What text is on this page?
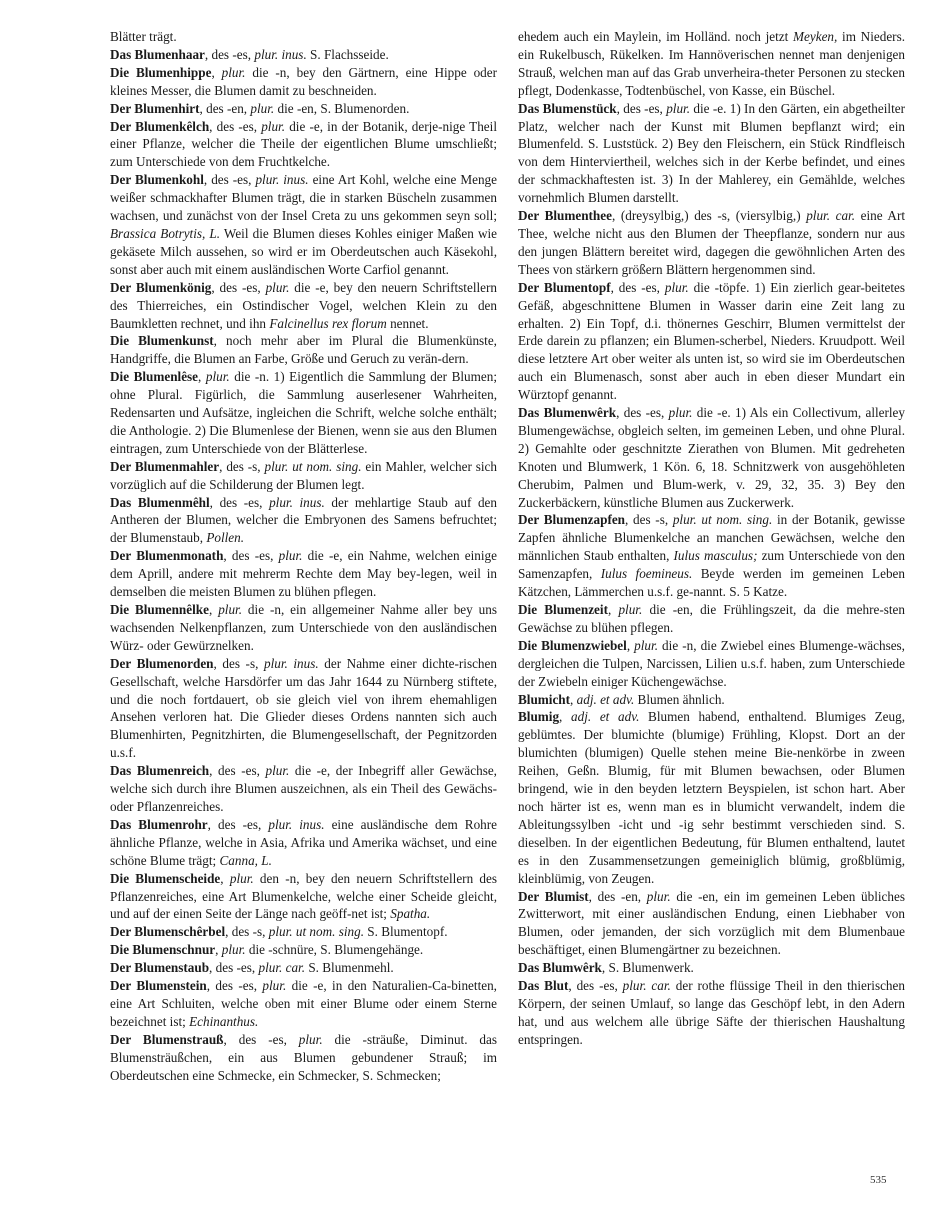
Blätter trägt.

Das Blumenhaar, des -es, plur. inus. S. Flachsseide.

Die Blumenhippe, plur. die -n, bey den Gärtnern, eine Hippe oder kleines Messer, die Blumen damit zu beschneiden.

Der Blumenhirt, des -en, plur. die -en, S. Blumenorden.

Der Blumenkêlch, des -es, plur. die -e, in der Botanik, derje-nige Theil einer Pflanze, welcher die Theile der eigentlichen Blume umschließt; zum Unterschiede von dem Fruchtkelche.

Der Blumenkohl, des -es, plur. inus. eine Art Kohl, welche eine Menge weißer schmackhafter Blumen trägt, die in starken Büscheln zusammen wachsen, und zunächst von der Insel Creta zu uns gekommen seyn soll; Brassica Botrytis, L. Weil die Blumen dieses Kohles einiger Maßen wie gekäsete Milch aussehen, so wird er im Oberdeutschen auch Käsekohl, sonst aber auch mit einem ausländischen Worte Carfiol genannt.

Der Blumenkönig, des -es, plur. die -e, bey den neuern Schriftstellern des Thierreiches, ein Ostindischer Vogel, welchen Klein zu den Baumkletten rechnet, und ihn Falcinellus rex florum nennet.

Die Blumenkunst, noch mehr aber im Plural die Blumenkünste, Handgriffe, die Blumen an Farbe, Größe und Geruch zu verän-dern.

Die Blumenlêse, plur. die -n. 1) Eigentlich die Sammlung der Blumen; ohne Plural. Figürlich, die Sammlung auserlesener Wahrheiten, Redensarten und Aufsätze, ingleichen die Schrift, welche solche enthält; die Anthologie. 2) Die Blumenlese der Bienen, wenn sie aus den Blumen eintragen, zum Unterschiede von der Blätterlese.

Der Blumenmahler, des -s, plur. ut nom. sing. ein Mahler, welcher sich vorzüglich auf die Schilderung der Blumen legt.

Das Blumenmêhl, des -es, plur. inus. der mehlartige Staub auf den Antheren der Blumen, welcher die Embryonen des Samens befruchtet; der Blumenstaub, Pollen.

Der Blumenmonath, des -es, plur. die -e, ein Nahme, welchen einige dem Aprill, andere mit mehrerm Rechte dem May bey-legen, weil in demselben die meisten Blumen zu blühen pflegen.

Die Blumennêlke, plur. die -n, ein allgemeiner Nahme aller bey uns wachsenden Nelkenpflanzen, zum Unterschiede von den ausländischen Würz- oder Gewürznelken.

Der Blumenorden, des -s, plur. inus. der Nahme einer dichte-rischen Gesellschaft, welche Harsdörfer um das Jahr 1644 zu Nürnberg stiftete, und die noch fortdauert, ob sie gleich viel von ihrem ehemahligen Ansehen verloren hat. Die Glieder dieses Ordens nannten sich auch Blumenhirten, Pegnitzhirten, die Blumengesellschaft, der Pegnitzorden u.s.f.

Das Blumenreich, des -es, plur. die -e, der Inbegriff aller Gewächse, welche sich durch ihre Blumen auszeichnen, als ein Theil des Gewächs- oder Pflanzenreiches.

Das Blumenrohr, des -es, plur. inus. eine ausländische dem Rohre ähnliche Pflanze, welche in Asia, Afrika und Amerika wächset, und eine schöne Blume trägt; Canna, L.

Die Blumenscheide, plur. den -n, bey den neuern Schriftstellern des Pflanzenreiches, eine Art Blumenkelche, welche einer Scheide gleicht, und auf der einen Seite der Länge nach geöff-net ist; Spatha.

Der Blumenschêrbel, des -s, plur. ut nom. sing. S. Blumentopf.

Die Blumenschnur, plur. die -schnüre, S. Blumengehänge.

Der Blumenstaub, des -es, plur. car. S. Blumenmehl.

Der Blumenstein, des -es, plur. die -e, in den Naturalien-Ca-binetten, eine Art Schluiten, welche oben mit einer Blume oder einem Sterne bezeichnet ist; Echinanthus.

Der Blumenstrauß, des -es, plur. die -sträuße, Diminut. das Blumensträußchen, ein aus Blumen gebundener Strauß; im Oberdeutschen eine Schmecke, ein Schmecker, S. Schmecken;

ehedem auch ein Maylein, im Holländ. noch jetzt Meyken, im Nieders. ein Rukelbusch, Rükelken. Im Hannöverischen nennet man denjenigen Strauß, welchen man auf das Grab unverheira-theter Personen zu stecken pflegt, Dodenkasse, Todtenbüschel, von Kasse, ein Büschel.

Das Blumenstück, des -es, plur. die -e. 1) In den Gärten, ein abgetheilter Platz, welcher nach der Kunst mit Blumen bepflanzt wird; ein Blumenfeld. S. Luststück. 2) Bey den Fleischern, ein Stück Rindfleisch von dem Hinterviertheil, welches sich in der Kerbe befindet, und eines der schmackhaftesten ist. 3) In der Mahlerey, ein Gemählde, welches vornehmlich Blumen darstellt.

Der Blumenthee, (dreysylbig,) des -s, (viersylbig,) plur. car. eine Art Thee, welche nicht aus den Blumen der Theepflanze, sondern nur aus den jungen Blättern bereitet wird, dagegen die gewöhnlichen Arten des Thees von stärkern größern Blättern hergenommen sind.

Der Blumentopf, des -es, plur. die -töpfe. 1) Ein zierlich gear-beitetes Gefäß, abgeschnittene Blumen in Wasser darin eine Zeit lang zu erhalten. 2) Ein Topf, d.i. thönernes Geschirr, Blumen vermittelst der Erde darein zu pflanzen; ein Blumen-scherbel, Nieders. Kruudpott. Weil diese letztere Art ober weiter als unten ist, so wird sie im Oberdeutschen auch ein Blumenasch, sonst aber auch in eben dieser Mundart ein Würztopf genannt.

Das Blumenwêrk, des -es, plur. die -e. 1) Als ein Collectivum, allerley Blumengewächse, obgleich selten, im gemeinen Leben, und ohne Plural. 2) Gemahlte oder geschnitzte Zierathen von Blumen. Mit gedreheten Knoten und Blumwerk, 1 Kön. 6, 18. Schnitzwerk von ausgehöhleten Cherubim, Palmen und Blum-werk, v. 29, 32, 35. 3) Bey den Zuckerbäckern, künstliche Blumen aus Zuckerwerk.

Der Blumenzapfen, des -s, plur. ut nom. sing. in der Botanik, gewisse Zapfen ähnliche Blumenkelche an manchen Gewächsen, welche den männlichen Staub enthalten, Iulus masculus; zum Unterschiede von den Samenzapfen, Iulus foemineus. Beyde werden im gemeinen Leben Kätzchen, Lämmerchen u.s.f. ge-nannt. S. 5 Katze.

Die Blumenzeit, plur. die -en, die Frühlingszeit, da die mehre-sten Gewächse zu blühen pflegen.

Die Blumenzwiebel, plur. die -n, die Zwiebel eines Blumenge-wächses, dergleichen die Tulpen, Narcissen, Lilien u.s.f. haben, zum Unterschiede der Zwiebeln einiger Küchengewächse.

Blumicht, adj. et adv. Blumen ähnlich.

Blumig, adj. et adv. Blumen habend, enthaltend. Blumiges Zeug, geblümtes. Der blumichte (blumige) Frühling, Klopst. Dort an der blumichten (blumigen) Quelle stehen meine Bie-nenkörbe in zween Reihen, Geßn. Blumig, für mit Blumen bewachsen, oder Blumen bringend, wie in den beyden letztern Beyspielen, ist schon hart. Aber noch härter ist es, wenn man es in blumicht verwandelt, indem die Ableitungssylben -icht und -ig sehr bestimmt verschieden sind. S. dieselben. In der eigentlichen Bedeutung, für Blumen enthaltend, lautet es in den Zusammensetzungen gemeiniglich blümig, großblümig, kleinblümig, von Zeugen.

Der Blumist, des -en, plur. die -en, ein im gemeinen Leben übliches Zwitterwort, mit einer ausländischen Endung, einen Liebhaber von Blumen, oder jemanden, der sich vorzüglich mit dem Blumenbaue beschäftiget, einen Blumengärtner zu bezeichnen.

Das Blumwêrk, S. Blumenwerk.

Das Blut, des -es, plur. car. der rothe flüssige Theil in den thierischen Körpern, der seinen Umlauf, so lange das Geschöpf lebt, in den Adern hat, und aus welchem alle übrige Säfte der thierischen Haushaltung entspringen.

535
